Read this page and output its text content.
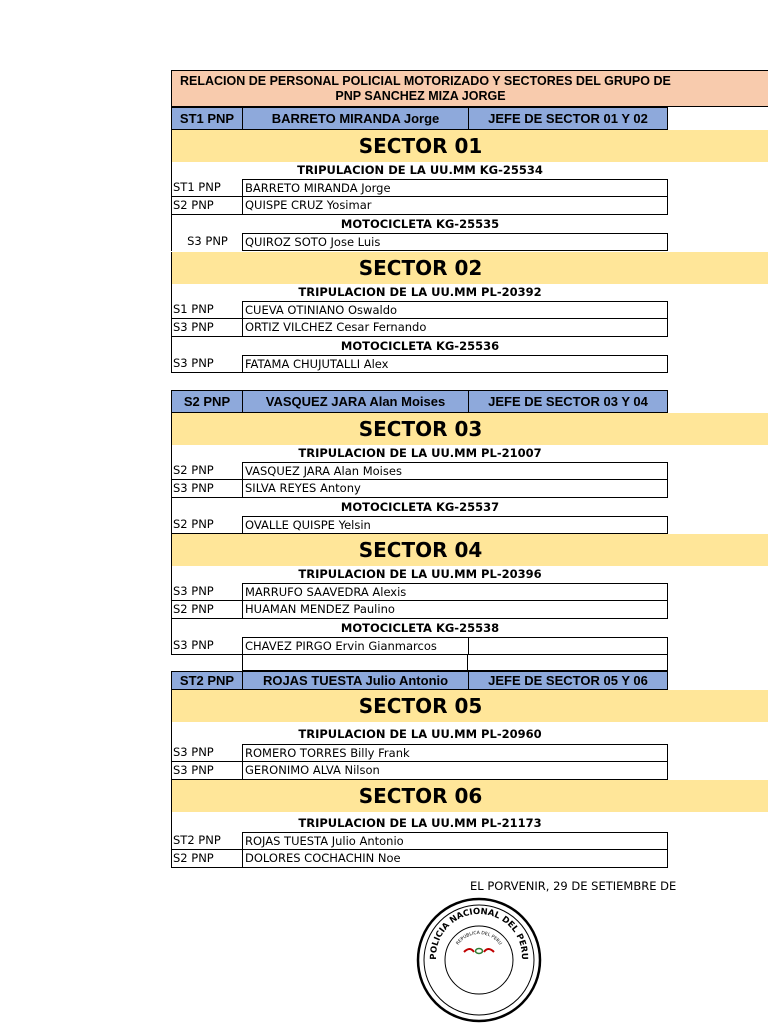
RELACION DE PERSONAL POLICIAL MOTORIZADO Y SECTORES DEL GRUPO DE
PNP SANCHEZ MIZA JORGE
ST1 PNP	BARRETO MIRANDA Jorge	JEFE DE SECTOR 01 Y 02
SECTOR 01
TRIPULACION DE LA UU.MM KG-25534
ST1 PNP	BARRETO MIRANDA Jorge
S2 PNP	QUISPE CRUZ Yosimar
MOTOCICLETA KG-25535
S3 PNP	QUIROZ SOTO Jose Luis
SECTOR 02
TRIPULACION DE LA UU.MM PL-20392
S1 PNP	CUEVA OTINIANO Oswaldo
S3 PNP	ORTIZ VILCHEZ Cesar Fernando
MOTOCICLETA KG-25536
S3 PNP	FATAMA CHUJUTALLI Alex
S2 PNP	VASQUEZ JARA Alan Moises	JEFE DE SECTOR 03 Y 04
SECTOR 03
TRIPULACION DE LA UU.MM PL-21007
S2 PNP	VASQUEZ JARA Alan Moises
S3 PNP	SILVA REYES Antony
MOTOCICLETA KG-25537
S2 PNP	OVALLE QUISPE Yelsin
SECTOR 04
TRIPULACION DE LA UU.MM PL-20396
S3 PNP	MARRUFO SAAVEDRA Alexis
S2 PNP	HUAMAN MENDEZ Paulino
MOTOCICLETA KG-25538
S3 PNP	CHAVEZ PIRGO Ervin Gianmarcos
ST2 PNP	ROJAS TUESTA Julio Antonio	JEFE DE SECTOR 05 Y 06
SECTOR 05
TRIPULACION DE LA UU.MM PL-20960
S3 PNP	ROMERO TORRES Billy Frank
S3 PNP	GERONIMO ALVA Nilson
SECTOR 06
TRIPULACION DE LA UU.MM PL-21173
ST2 PNP	ROJAS TUESTA Julio Antonio
S2 PNP	DOLORES COCHACHIN Noe
EL PORVENIR, 29 DE SETIEMBRE DE
POLICIA NACIONAL DEL PERU
REPUBLICA DEL PERU
